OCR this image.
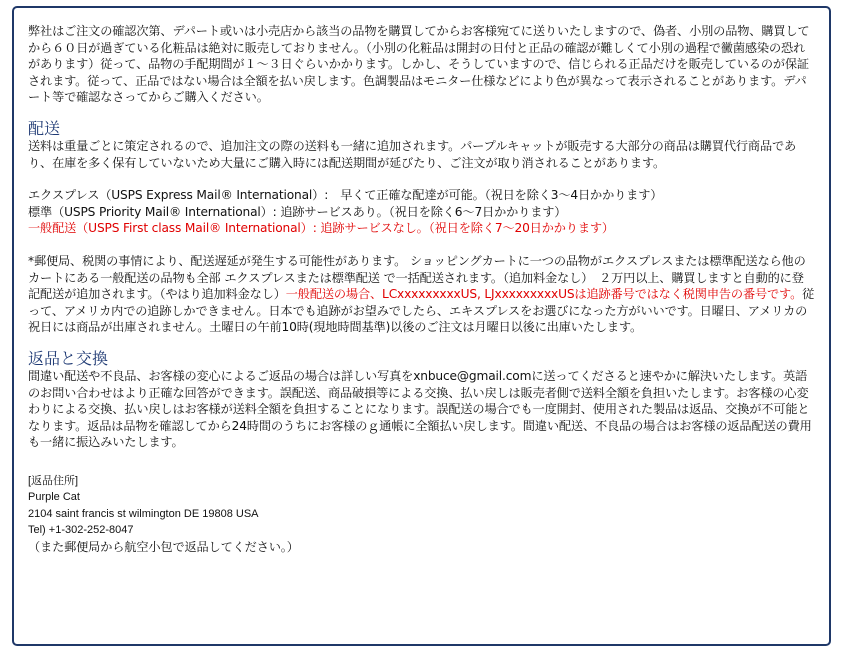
弊社はご注文の確認次第、デパート或いは小売店から該当の品物を購買してからお客様宛てに送りいたしますので、偽者、小別の品物、購買してから６０日が過ぎている化粧品は絶対に販売しておりません。（小別の化粧品は開封の日付と正品の確認が難しくて小別の過程で黴菌感染の恐れがあります）従って、品物の手配期間が１～３日ぐらいかかります。しかし、そうしていますので、信じられる正品だけを販売しているのが保証されます。従って、正品ではない場合は全額を払い戻します。色調製品はモニター仕様などにより色が異なって表示されることがあります。デパート等で確認なさってからご購入ください。

配送

送料は重量ごとに策定されるので、追加注文の際の送料も一緒に追加されます。パープルキャットが販売する大部分の商品は購買代行商品であり、在庫を多く保有していないため大量にご購入時には配送期間が延びたり、ご注文が取り消されることがあります。

エクスプレス（USPS Express Mail® International）:　早くて正確な配達が可能。（祝日を除く3〜4日かかります）

標準（USPS Priority Mail® International）: 追跡サービスあり。（祝日を除く6〜7日かかります）

一般配送（USPS First class Mail® International）: 追跡サービスなし。（祝日を除く7〜20日かかります）

*郵便局、税関の事情により、配送遅延が発生する可能性があります。 ショッピングカートに一つの品物がエクスプレスまたは標準配送なら他のカートにある一般配送の品物も全部 エクスプレスまたは標準配送 で一括配送されます。（追加料金なし）　２万円以上、購買しますと自動的に登記配送が追加されます。（やはり追加料金なし）一般配送の場合、LCxxxxxxxxxUS, LJxxxxxxxxxUSは追跡番号ではなく税関申告の番号です。従って、アメリカ内での追跡しかできません。日本でも追跡がお望みでしたら、エキスプレスをお選びになった方がいいです。日曜日、アメリカの祝日には商品が出庫されません。土曜日の午前10時(現地時間基準)以後のご注文は月曜日以後に出庫いたします。

返品と交換

間違い配送や不良品、お客様の変心によるご返品の場合は詳しい写真をxnbuce@gmail.comに送ってくださると速やかに解決いたします。英語のお問い合わせはより正確な回答ができます。誤配送、商品破損等による交換、払い戻しは販売者側で送料全額を負担いたします。お客様の心変わりによる交換、払い戻しはお客様が送料全額を負担することになります。誤配送の場合でも一度開封、使用された製品は返品、交換が不可能となります。返品は品物を確認してから24時間のうちにお客様のｇ通帳に全額払い戻します。間違い配送、不良品の場合はお客様の返品配送の費用も一緒に振込みいたします。

[返品住所]

Purple Cat

2104 saint francis st wilmington DE 19808 USA

Tel) +1-302-252-8047

（また郵便局から航空小包で返品してください。）
